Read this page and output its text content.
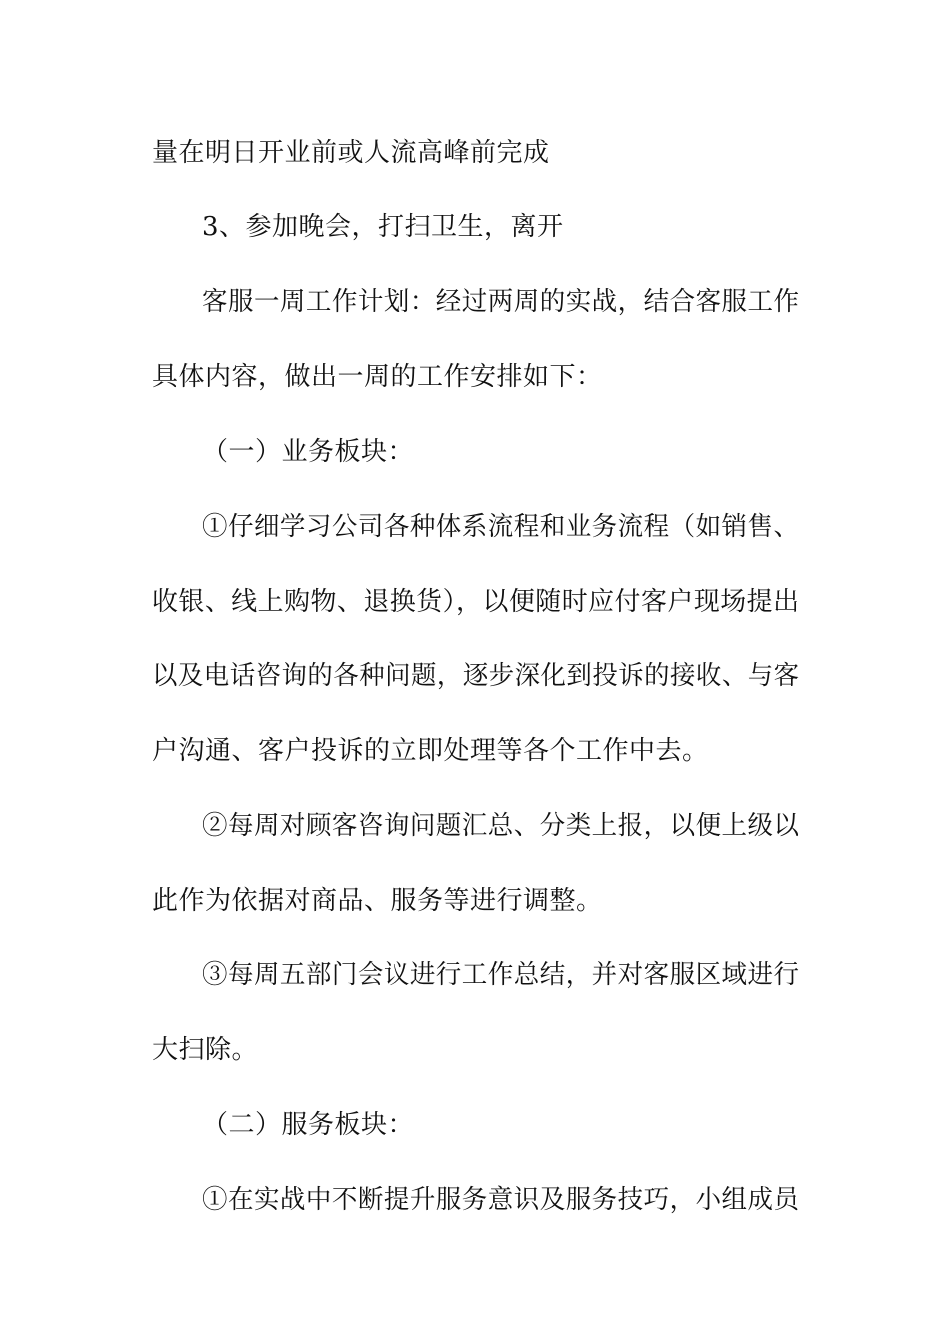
量在明日开业前或人流高峰前完成
3、参加晚会，打扫卫生，离开
客服一周工作计划：经过两周的实战，结合客服工作
具体内容，做出一周的工作安排如下：
（一）业务板块：
①仔细学习公司各种体系流程和业务流程（如销售、
收银、线上购物、退换货），以便随时应付客户现场提出
以及电话咨询的各种问题，逐步深化到投诉的接收、与客
户沟通、客户投诉的立即处理等各个工作中去。
②每周对顾客咨询问题汇总、分类上报，以便上级以
此作为依据对商品、服务等进行调整。
③每周五部门会议进行工作总结，并对客服区域进行
大扫除。
（二）服务板块：
①在实战中不断提升服务意识及服务技巧，小组成员
